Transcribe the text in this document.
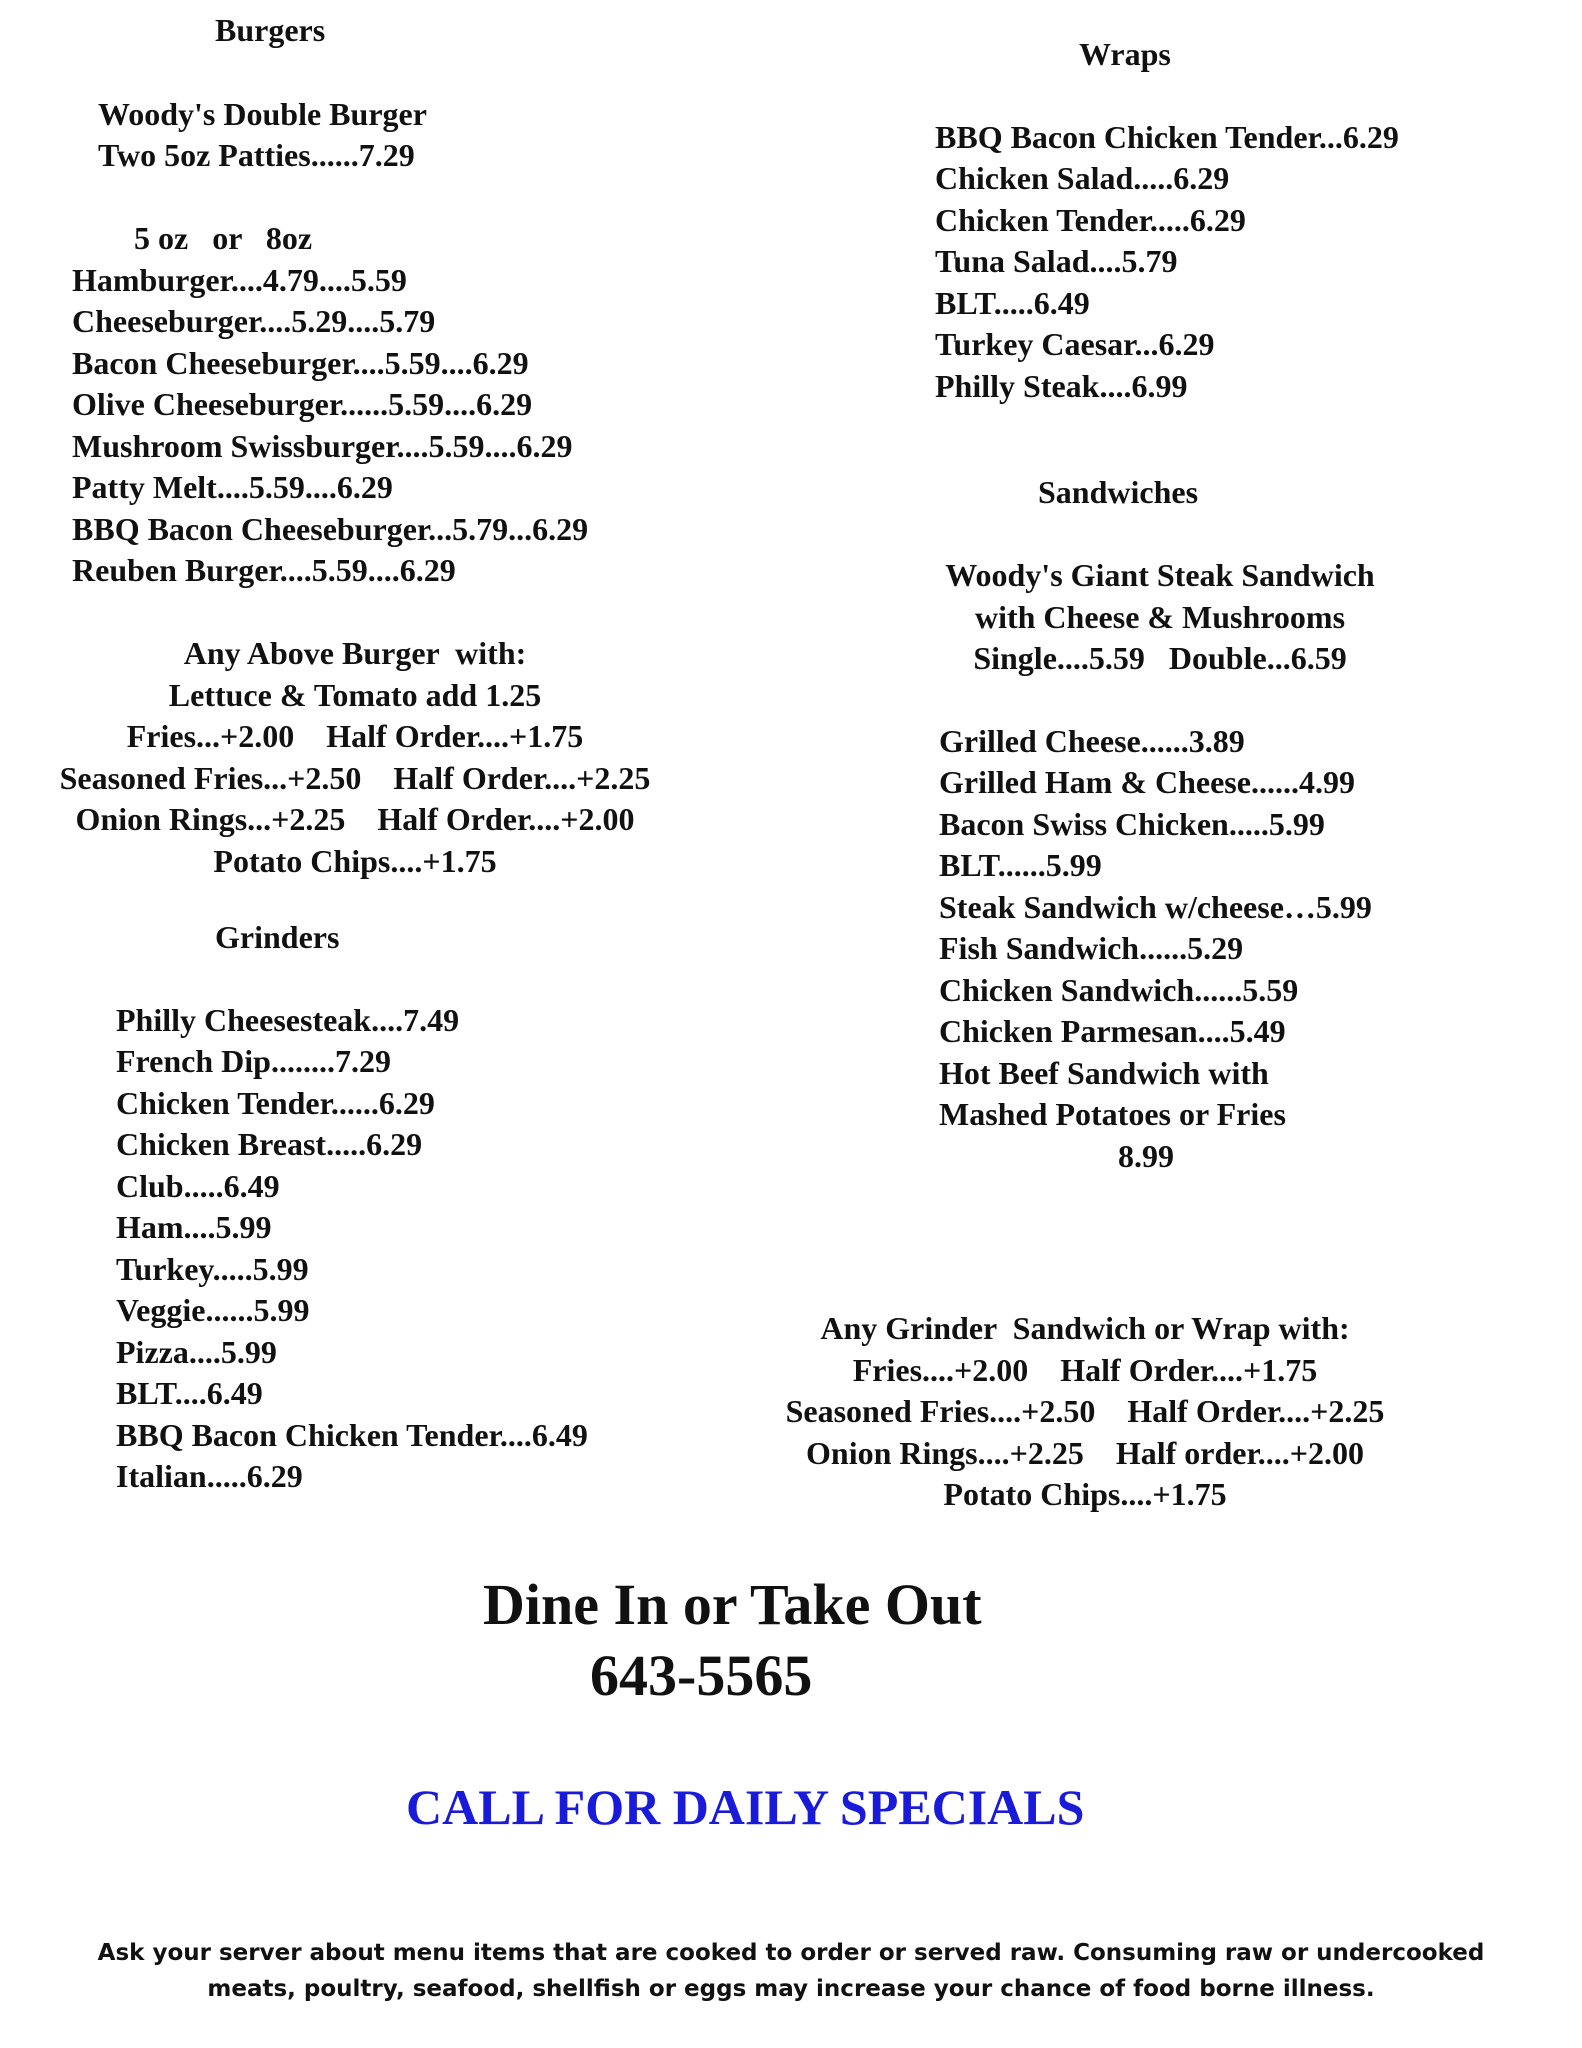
Burgers
Woody's Double Burger
Two 5oz Patties......7.29
5 oz   or   8oz
Hamburger....4.79....5.59
Cheeseburger....5.29....5.79
Bacon Cheeseburger....5.59....6.29
Olive Cheeseburger......5.59....6.29
Mushroom Swissburger....5.59....6.29
Patty Melt....5.59....6.29
BBQ Bacon Cheeseburger...5.79...6.29
Reuben Burger....5.59....6.29
Any Above Burger  with:
Lettuce & Tomato add 1.25
Fries...+2.00    Half Order....+1.75
Seasoned Fries...+2.50    Half Order....+2.25
Onion Rings...+2.25    Half Order....+2.00
Potato Chips....+1.75
Grinders
Philly Cheesesteak....7.49
French Dip........7.29
Chicken Tender......6.29
Chicken Breast.....6.29
Club.....6.49
Ham....5.99
Turkey.....5.99
Veggie......5.99
Pizza....5.99
BLT....6.49
BBQ Bacon Chicken Tender....6.49
Italian.....6.29
Wraps
BBQ Bacon Chicken Tender...6.29
Chicken Salad.....6.29
Chicken Tender.....6.29
Tuna Salad....5.79
BLT.....6.49
Turkey Caesar...6.29
Philly Steak....6.99
Sandwiches
Woody's Giant Steak Sandwich
with Cheese & Mushrooms
Single....5.59   Double...6.59
Grilled Cheese......3.89
Grilled Ham & Cheese......4.99
Bacon Swiss Chicken.....5.99
BLT......5.99
Steak Sandwich w/cheese…5.99
Fish Sandwich......5.29
Chicken Sandwich......5.59
Chicken Parmesan....5.49
Hot Beef Sandwich with
Mashed Potatoes or Fries
8.99
Any Grinder  Sandwich or Wrap with:
Fries....+2.00    Half Order....+1.75
Seasoned Fries....+2.50    Half Order....+2.25
Onion Rings....+2.25    Half order....+2.00
Potato Chips....+1.75
Dine In or Take Out
643-5565
CALL FOR DAILY SPECIALS
Ask your server about menu items that are cooked to order or served raw. Consuming raw or undercooked
meats, poultry, seafood, shellfish or eggs may increase your chance of food borne illness.
